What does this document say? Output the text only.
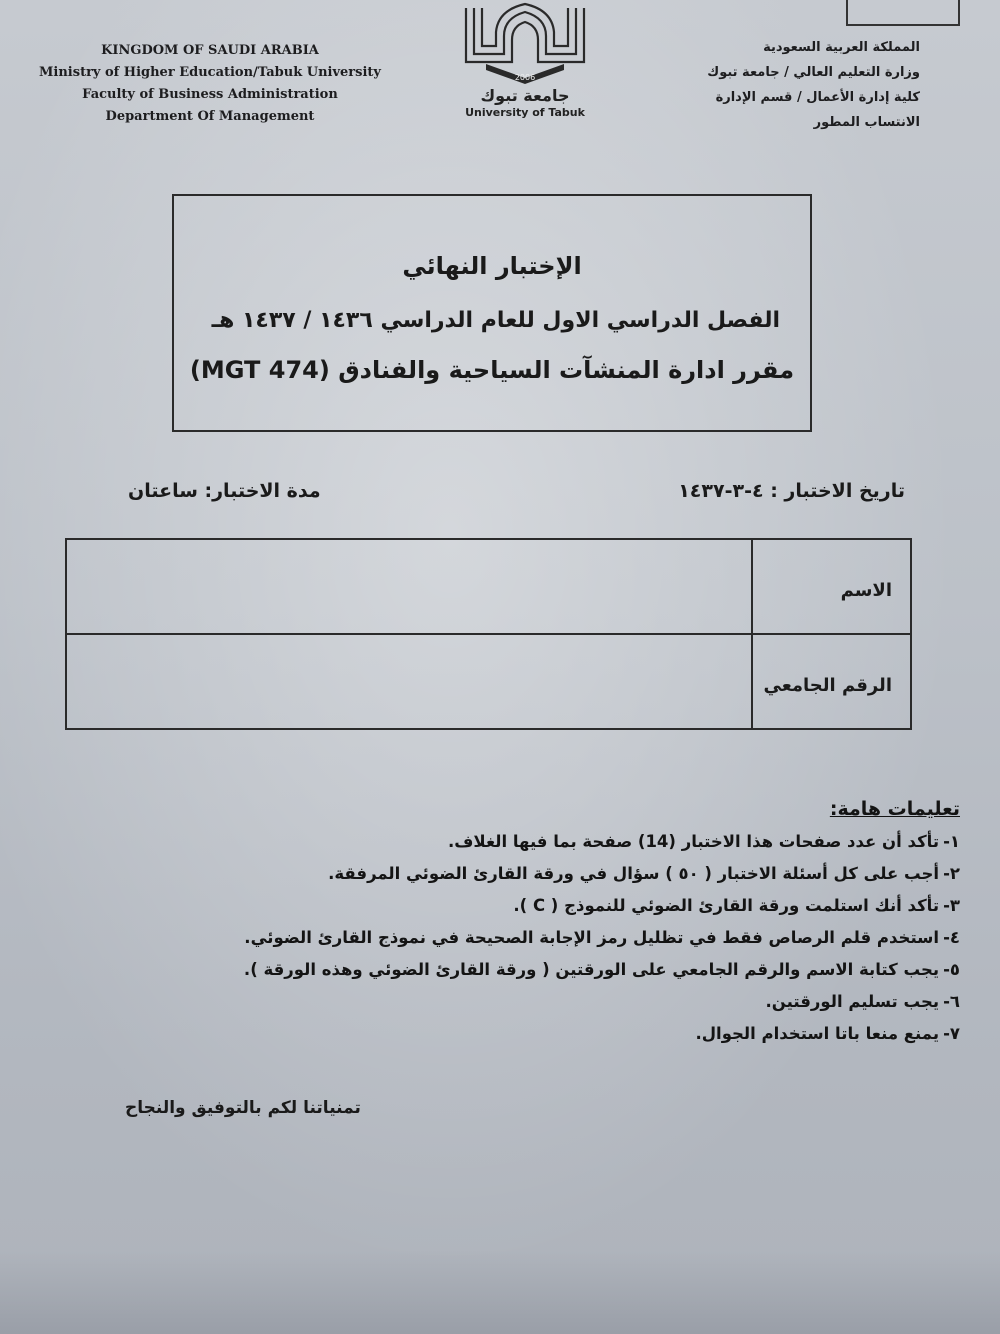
KINGDOM OF SAUDI ARABIA
Ministry of Higher Education/Tabuk University
Faculty of Business Administration
Department Of Management
2006
جامعة تبوك
University of Tabuk
المملكة العربية السعودية
وزارة التعليم العالي / جامعة تبوك
كلية إدارة الأعمال / قسم الإدارة
الانتساب المطور
الإختبار النهائي
الفصل الدراسي الاول للعام الدراسي ١٤٣٦ / ١٤٣٧ هـ
مقرر ادارة المنشآت السياحية والفنادق (MGT 474)
تاريخ الاختبار : ٤-٣-١٤٣٧
مدة الاختبار: ساعتان
الاسم
الرقم الجامعي
تعليمات هامة:
١-تأكد أن عدد صفحات هذا الاختبار (14) صفحة بما فيها الغلاف.
٢-أجب على كل أسئلة الاختبار ( ٥٠ ) سؤال في ورقة القارئ الضوئي المرفقة.
٣-تأكد أنك استلمت ورقة القارئ الضوئي للنموذج ( C ).
٤-استخدم قلم الرصاص فقط في تظليل رمز الإجابة الصحيحة في نموذج القارئ الضوئي.
٥-يجب كتابة الاسم والرقم الجامعي على الورقتين ( ورقة القارئ الضوئي وهذه الورقة ).
٦-يجب تسليم الورقتين.
٧-يمنع منعا باتا استخدام الجوال.
تمنياتنا لكم بالتوفيق والنجاح
